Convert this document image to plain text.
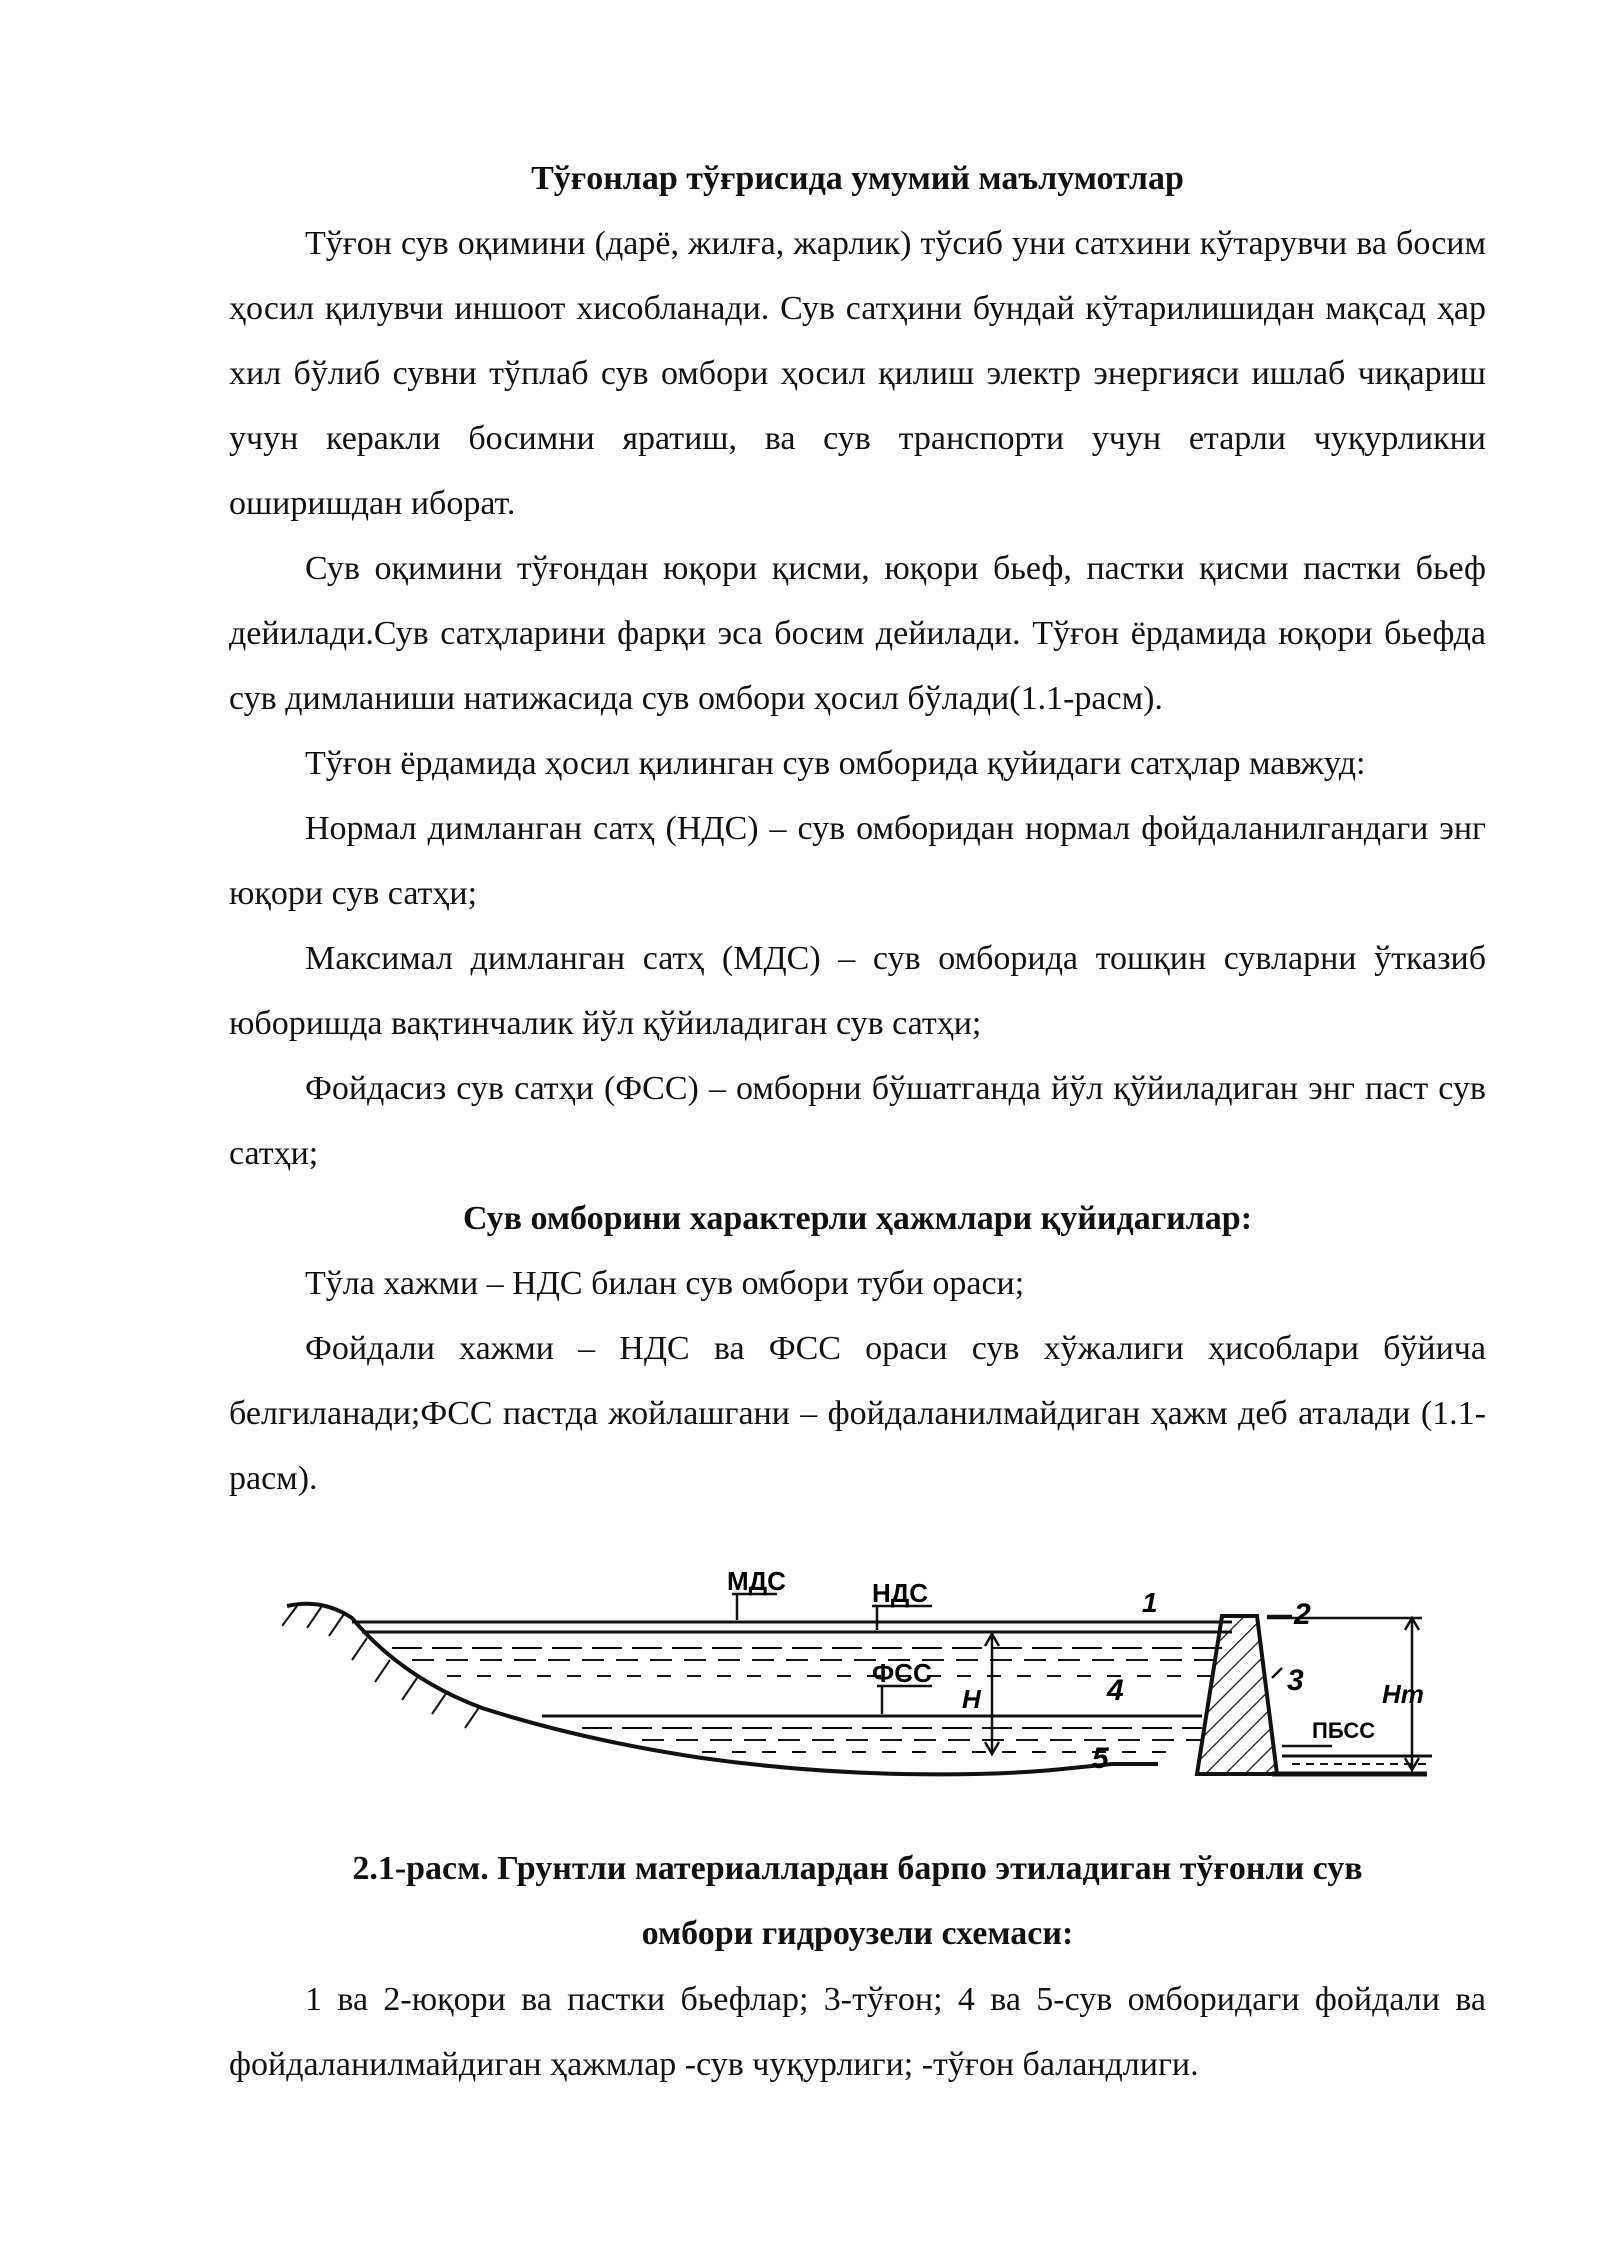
Тўғонлар тўғрисида умумий маълумотлар

Тўғон сув оқимини (дарё, жилға, жарлик) тўсиб уни сатхини кўтарувчи ва босим ҳосил қилувчи иншоот хисобланади. Сув сатҳини бундай кўтарилишидан мақсад ҳар хил бўлиб сувни тўплаб сув омбори ҳосил қилиш электр энергияси ишлаб чиқариш учун керакли босимни яратиш, ва сув транспорти учун етарли чуқурликни оширишдан иборат.

Сув оқимини тўғондан юқори қисми, юқори бьеф, пастки қисми пастки бьеф дейилади.Сув сатҳларини фарқи эса босим дейилади. Тўғон ёрдамида юқори бьефда сув димланиши натижасида сув омбори ҳосил бўлади(1.1-расм).

Тўғон ёрдамида ҳосил қилинган сув омборида қуйидаги сатҳлар мавжуд:

Нормал димланган сатҳ (НДС) – сув омборидан нормал фойдаланилгандаги энг юқори сув сатҳи;

Максимал димланган сатҳ (МДС) – сув омборида тошқин сувларни ўтказиб юборишда вақтинчалик йўл қўйиладиган сув сатҳи;

Фойдасиз сув сатҳи (ФСС) – омборни бўшатганда йўл қўйиладиган энг паст сув сатҳи;

Сув омборини характерли ҳажмлари қуйидагилар:

Тўла хажми – НДС билан сув омбори туби ораси;

Фойдали хажми – НДС ва ФСС ораси сув хўжалиги ҳисоблари бўйича белгиланади;ФСС пастда жойлашгани – фойдаланилмайдиган ҳажм деб аталади (1.1-расм).

МДС	НДС
ФСС
ПБСС
H	Hт
1	2
3
4
5

2.1-расм. Грунтли материаллардан барпо этиладиган тўғонли сув

омбори гидроузели схемаси:

1 ва 2-юқори ва пастки бьефлар; 3-тўғон; 4 ва 5-сув омборидаги фойдали ва фойдаланилмайдиган ҳажмлар -сув чуқурлиги; -тўғон баландлиги.
